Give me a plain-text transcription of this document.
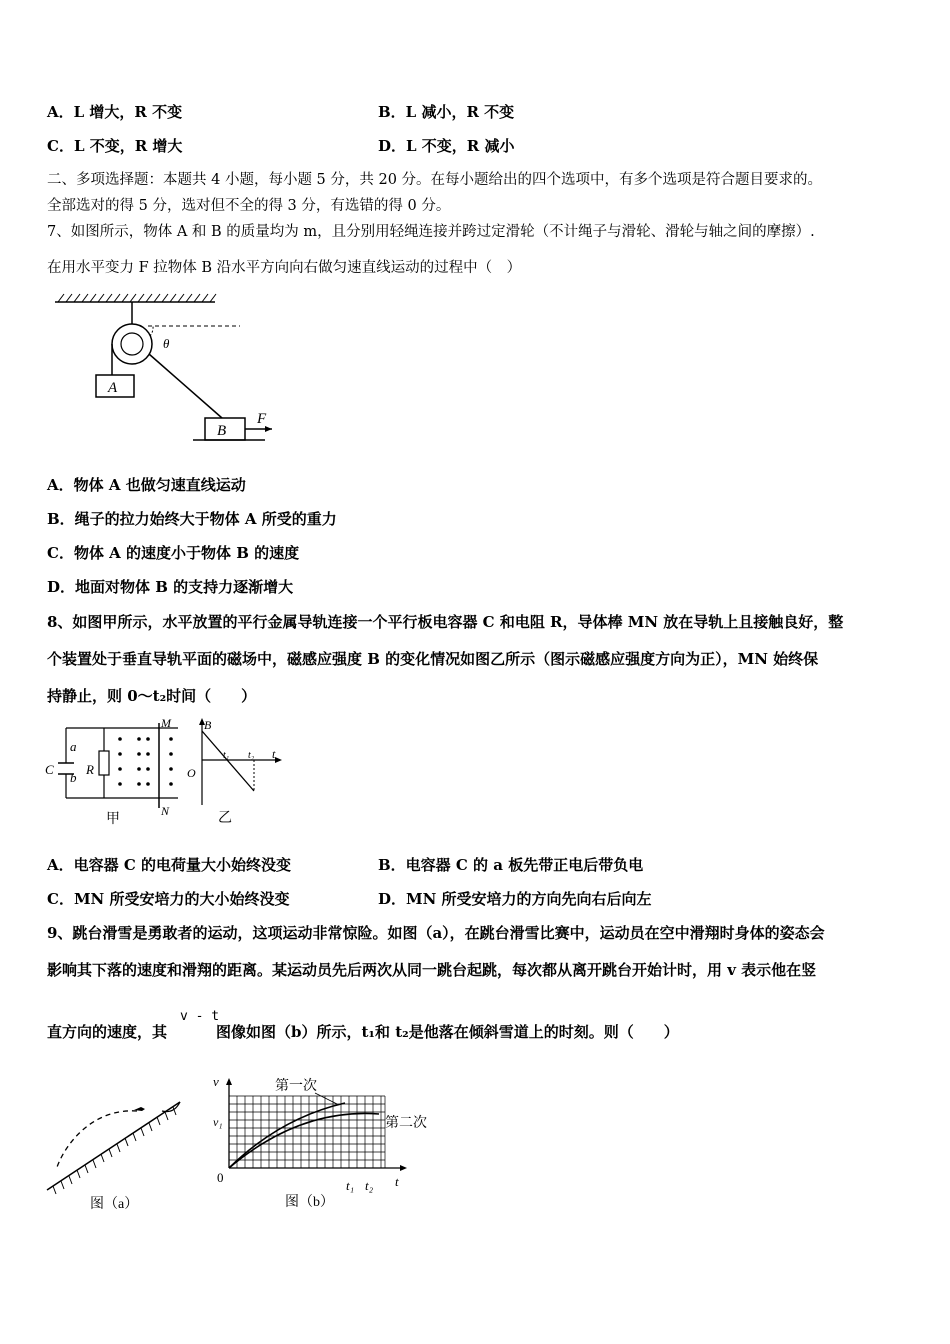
A．L 增大，R 不变	B．L 减小，R 不变
C．L 不变，R 增大	D．L 不变，R 减小
二、多项选择题：本题共 4 小题，每小题 5 分，共 20 分。在每小题给出的四个选项中，有多个选项是符合题目要求的。
全部选对的得 5 分，选对但不全的得 3 分，有选错的得 0 分。
7、如图所示，物体 A 和 B 的质量均为 m，且分别用轻绳连接并跨过定滑轮（不计绳子与滑轮、滑轮与轴之间的摩擦）.
在用水平变力 F 拉物体 B 沿水平方向向右做匀速直线运动的过程中（　）
θ
A
B
F
A．物体 A 也做匀速直线运动
B．绳子的拉力始终大于物体 A 所受的重力
C．物体 A 的速度小于物体 B 的速度
D．地面对物体 B 的支持力逐渐增大
8、如图甲所示，水平放置的平行金属导轨连接一个平行板电容器 C 和电阻 R，导体棒 MN 放在导轨上且接触良好，整
个装置处于垂直导轨平面的磁场中，磁感应强度 B 的变化情况如图乙所示（图示磁感应强度方向为正），MN 始终保
持静止，则 0～t₂时间（　　）
a
b
C R
M
N
甲
B
O
t₁ t₂ t
乙
A．电容器 C 的电荷量大小始终没变	B．电容器 C 的 a 板先带正电后带负电
C．MN 所受安培力的大小始终没变	D．MN 所受安培力的方向先向右后向左
9、跳台滑雪是勇敢者的运动，这项运动非常惊险。如图（a），在跳台滑雪比赛中，运动员在空中滑翔时身体的姿态会
影响其下落的速度和滑翔的距离。某运动员先后两次从同一跳台起跳，每次都从离开跳台开始计时，用 v 表示他在竖
直方向的速度，其
v - t
图像如图（b）所示，t₁和 t₂是他落在倾斜雪道上的时刻。则（　　）
图（a）
第一次
第二次
v
v₁
0
t₁ t₂ t
图（b）
